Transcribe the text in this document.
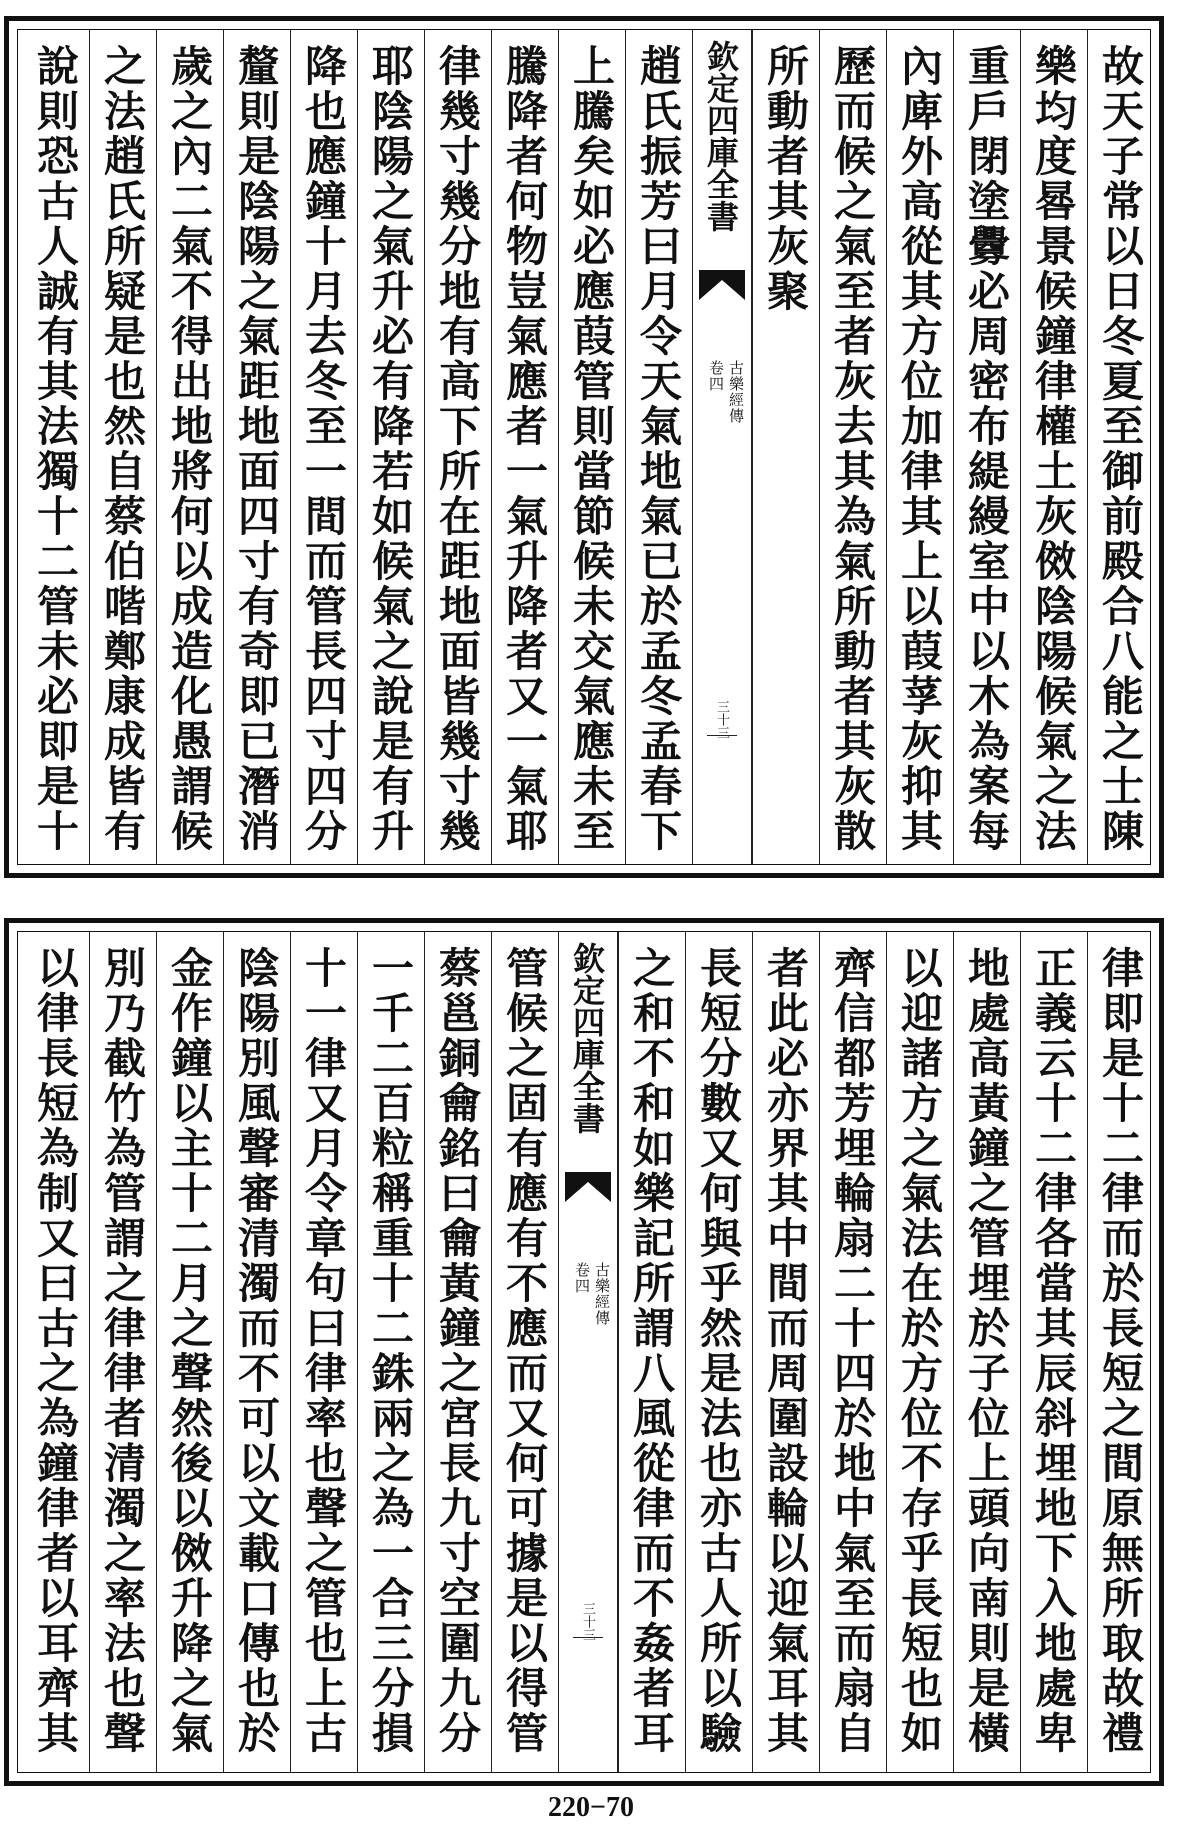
故天子常以日冬夏至御前殿合八能之士陳
樂均度晷景候鐘律權土灰傚陰陽候氣之法
重戶閉塗釁必周密布緹縵室中以木為案每
內庳外高從其方位加律其上以葭莩灰抑其
歷而候之氣至者灰去其為氣所動者其灰散
所動者其灰聚
欽定四庫全書
古樂經傳
卷四
三十三
趙氏振芳曰月令天氣地氣已於孟冬孟春下
上騰矣如必應葭管則當節候未交氣應未至
騰降者何物豈氣應者一氣升降者又一氣耶
律幾寸幾分地有高下所在距地面皆幾寸幾
耶陰陽之氣升必有降若如候氣之說是有升
降也應鐘十月去冬至一間而管長四寸四分
釐則是陰陽之氣距地面四寸有奇即已潛消
歲之內二氣不得出地將何以成造化愚謂候
之法趙氏所疑是也然自蔡伯喈鄭康成皆有
說則恐古人誠有其法獨十二管未必即是十
律即是十二律而於長短之間原無所取故禮
正義云十二律各當其辰斜埋地下入地處卑
地處高黃鐘之管埋於子位上頭向南則是橫
以迎諸方之氣法在於方位不存乎長短也如
齊信都芳埋輪扇二十四於地中氣至而扇自
者此必亦界其中間而周圍設輪以迎氣耳其
長短分數又何與乎然是法也亦古人所以驗
之和不和如樂記所謂八風從律而不姦者耳
欽定四庫全書
古樂經傳
卷四
三十三
管候之固有應有不應而又何可據是以得管
蔡邕銅龠銘曰龠黃鐘之宮長九寸空圍九分
一千二百粒稱重十二銖兩之為一合三分損
十一律又月令章句曰律率也聲之管也上古
陰陽別風聲審清濁而不可以文載口傳也於
金作鐘以主十二月之聲然後以傚升降之氣
別乃截竹為管謂之律律者清濁之率法也聲
以律長短為制又曰古之為鐘律者以耳齊其
220−70
